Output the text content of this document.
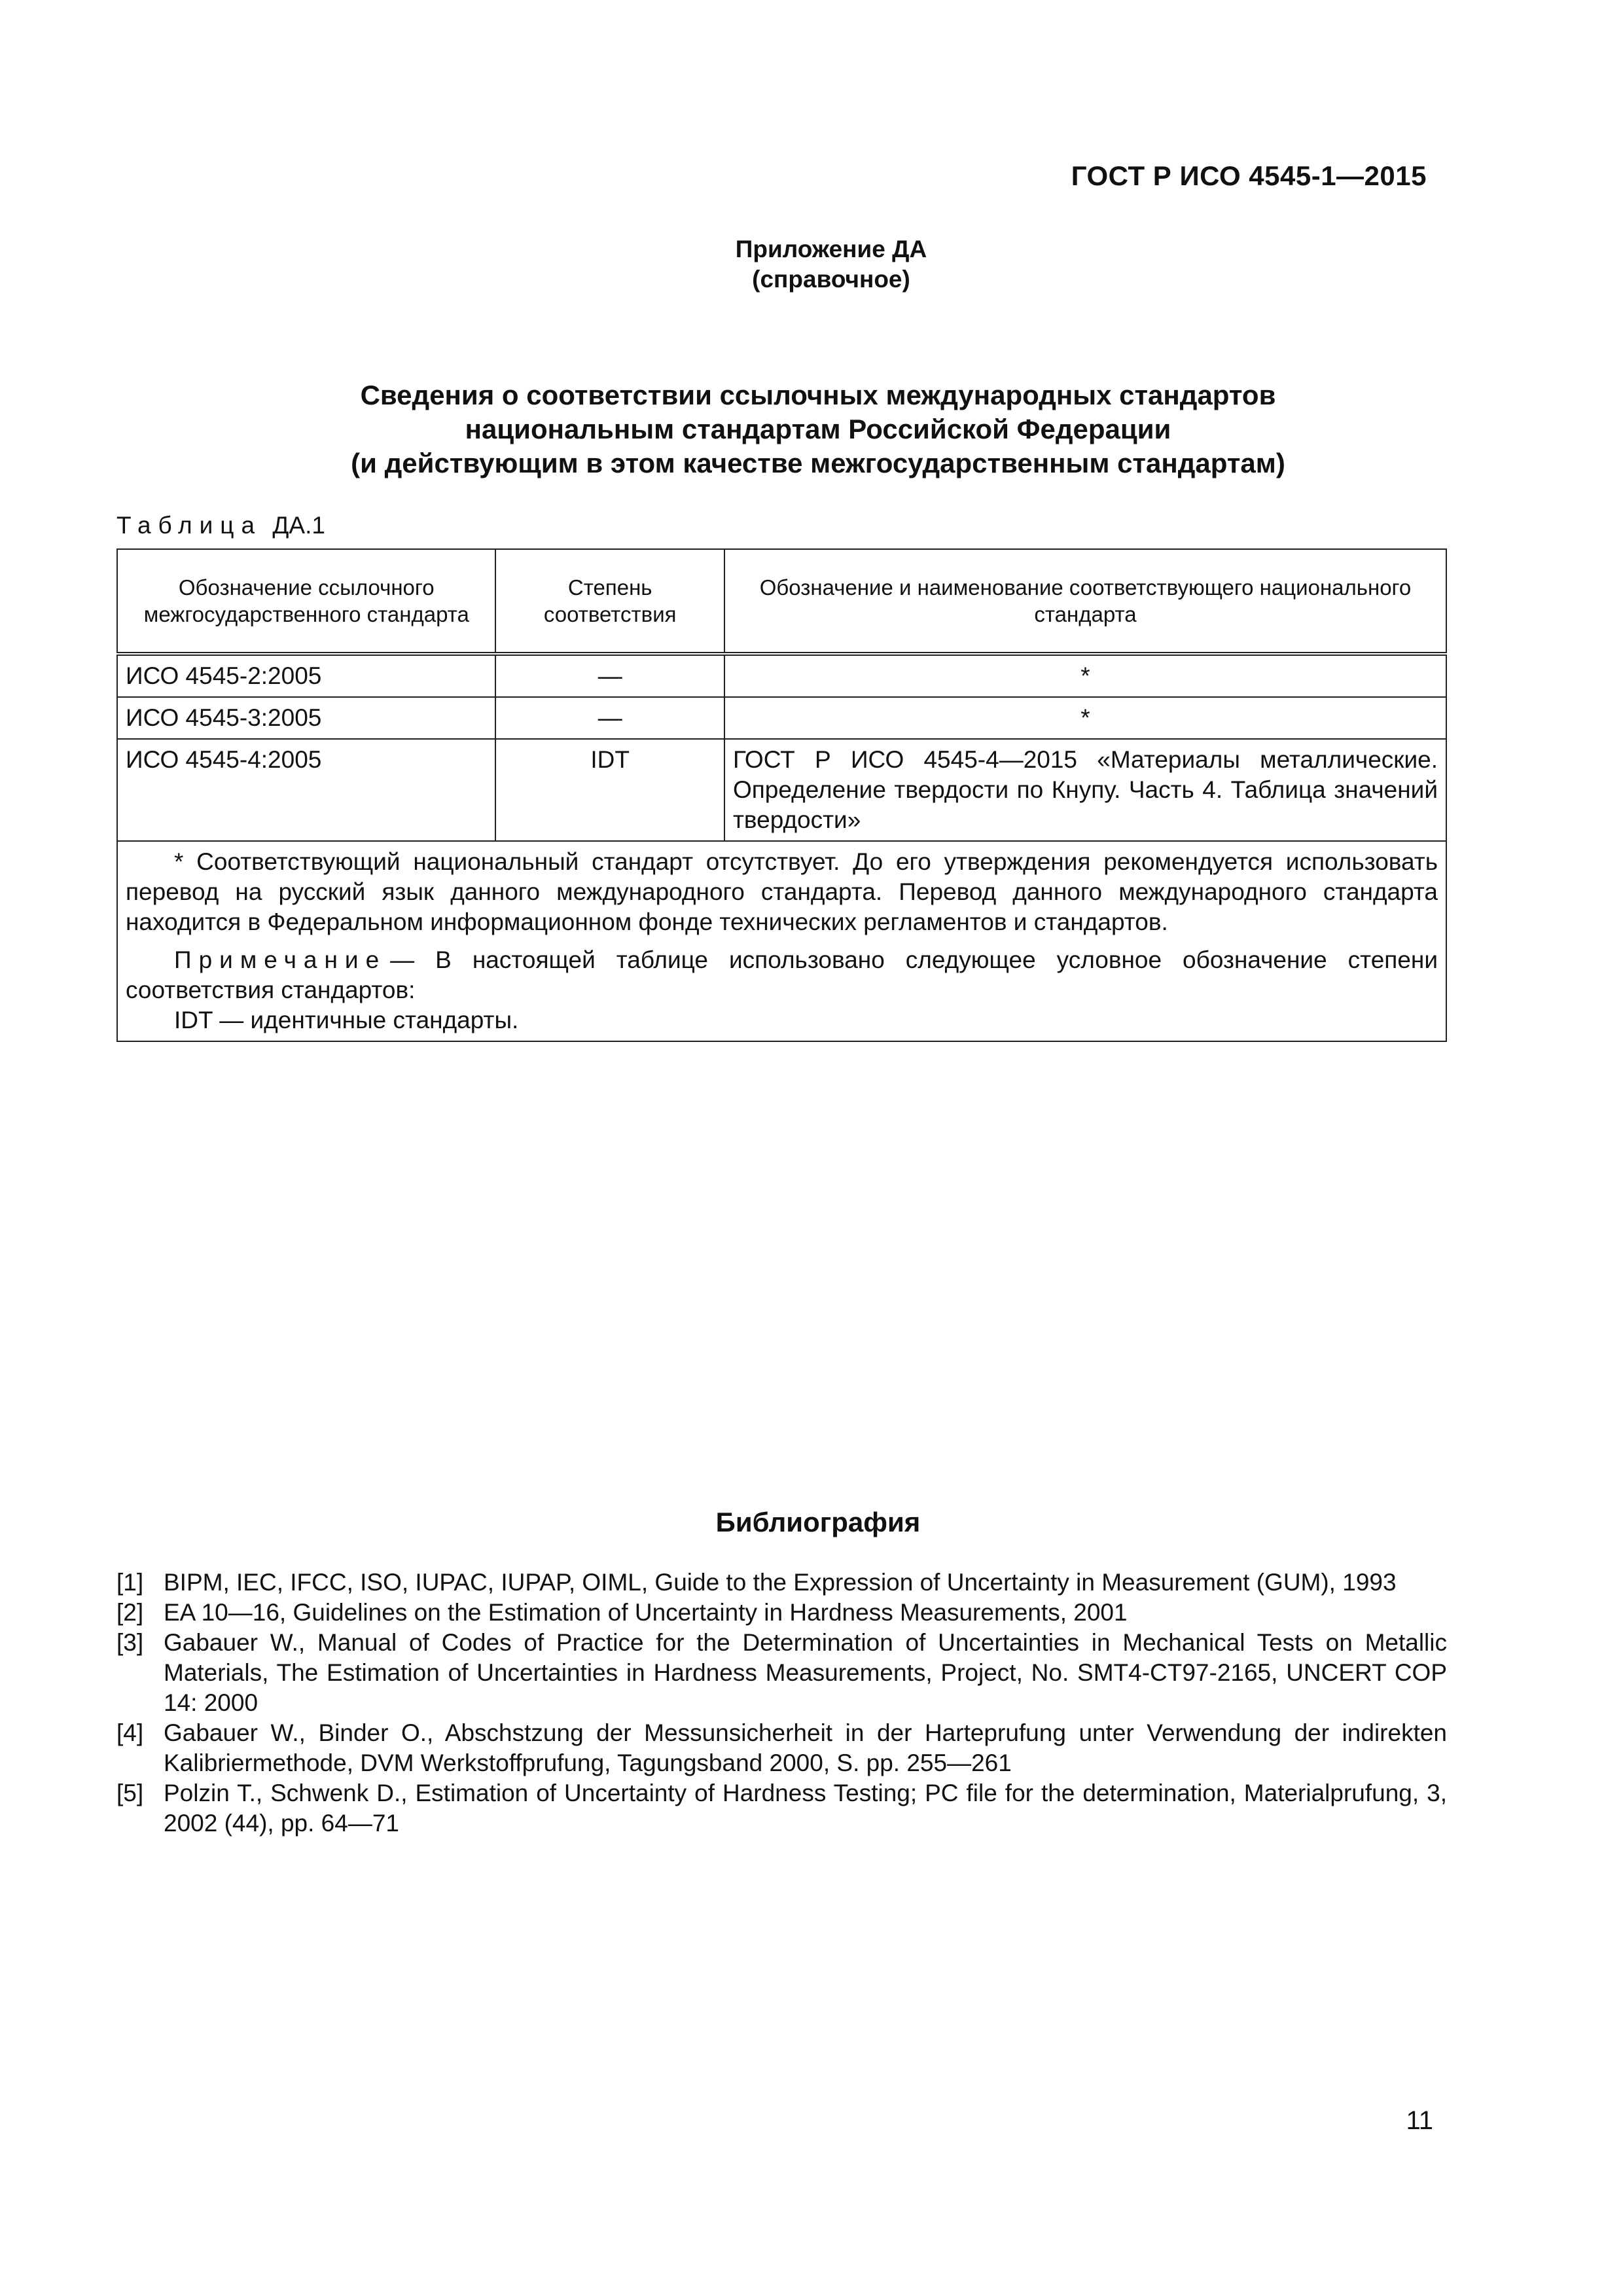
ГОСТ Р ИСО 4545-1—2015
Приложение ДА
(справочное)
Сведения о соответствии ссылочных международных стандартов
национальным стандартам Российской Федерации
(и действующим в этом качестве межгосударственным стандартам)
Таблица ДА.1
Обозначение ссылочного межгосударственного стандарта	Степень соответствия	Обозначение и наименование соответствующего национального стандарта
ИСО 4545-2:2005	—	*
ИСО 4545-3:2005	—	*
ИСО 4545-4:2005	IDT	ГОСТ Р ИСО 4545-4—2015 «Материалы металлические. Определение твердости по Кнупу. Часть 4. Таблица значений твердости»

* Соответствующий национальный стандарт отсутствует. До его утверждения рекомендуется использовать перевод на русский язык данного международного стандарта. Перевод данного международного стандарта находится в Федеральном информационном фонде технических регламентов и стандартов.

Примечание — В настоящей таблице использовано следующее условное обозначение степени соответствия стандартов:

IDT — идентичные стандарты.		

Библиография
[1] BIPM, IEC, IFCC, ISO, IUPAC, IUPAP, OIML, Guide to the Expression of Uncertainty in Measurement (GUM), 1993
[2] EA 10—16, Guidelines on the Estimation of Uncertainty in Hardness Measurements, 2001
[3] Gabauer W., Manual of Codes of Practice for the Determination of Uncertainties in Mechanical Tests on Metallic Materials, The Estimation of Uncertainties in Hardness Measurements, Project, No. SMT4-CT97-2165, UNCERT COP 14: 2000
[4] Gabauer W., Binder O., Abschstzung der Messunsicherheit in der Harteprufung unter Verwendung der indirekten Kalibriermethode, DVM Werkstoffprufung, Tagungsband 2000, S. pp. 255—261
[5] Polzin T., Schwenk D., Estimation of Uncertainty of Hardness Testing; PC file for the determination, Materialprufung, 3, 2002 (44), pp. 64—71
11
